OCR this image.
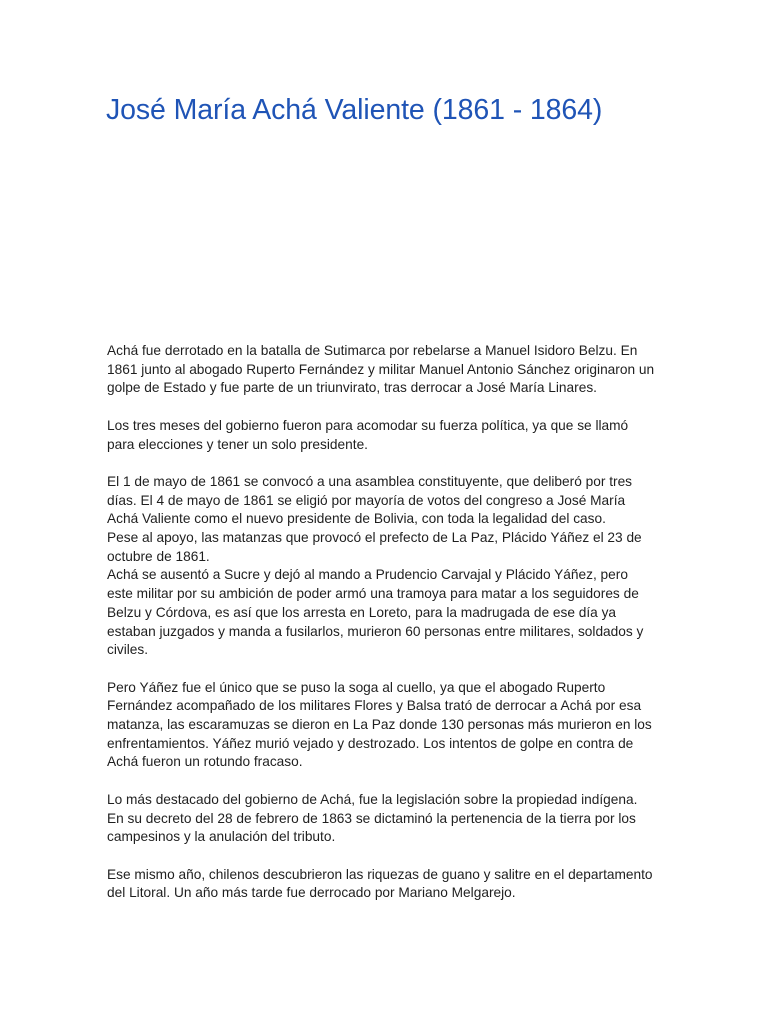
José María Achá Valiente (1861 - 1864)

Achá fue derrotado en la batalla de Sutimarca por rebelarse a Manuel Isidoro Belzu. En
1861 junto al abogado Ruperto Fernández y militar Manuel Antonio Sánchez originaron un
golpe de Estado y fue parte de un triunvirato, tras derrocar a José María Linares.

Los tres meses del gobierno fueron para acomodar su fuerza política, ya que se llamó
para elecciones y tener un solo presidente.

El 1 de mayo de 1861 se convocó a una asamblea constituyente, que deliberó por tres
días. El 4 de mayo de 1861 se eligió por mayoría de votos del congreso a José María
Achá Valiente como el nuevo presidente de Bolivia, con toda la legalidad del caso.
Pese al apoyo, las matanzas que provocó el prefecto de La Paz, Plácido Yáñez el 23 de
octubre de 1861.
Achá se ausentó a Sucre y dejó al mando a Prudencio Carvajal y Plácido Yáñez, pero
este militar por su ambición de poder armó una tramoya para matar a los seguidores de
Belzu y Córdova, es así que los arresta en Loreto, para la madrugada de ese día ya
estaban juzgados y manda a fusilarlos, murieron 60 personas entre militares, soldados y
civiles.

Pero Yáñez fue el único que se puso la soga al cuello, ya que el abogado Ruperto
Fernández acompañado de los militares Flores y Balsa trató de derrocar a Achá por esa
matanza, las escaramuzas se dieron en La Paz donde 130 personas más murieron en los
enfrentamientos. Yáñez murió vejado y destrozado. Los intentos de golpe en contra de
Achá fueron un rotundo fracaso.

Lo más destacado del gobierno de Achá, fue la legislación sobre la propiedad indígena.
En su decreto del 28 de febrero de 1863 se dictaminó la pertenencia de la tierra por los
campesinos y la anulación del tributo.

Ese mismo año, chilenos descubrieron las riquezas de guano y salitre en el departamento
del Litoral. Un año más tarde fue derrocado por Mariano Melgarejo.
